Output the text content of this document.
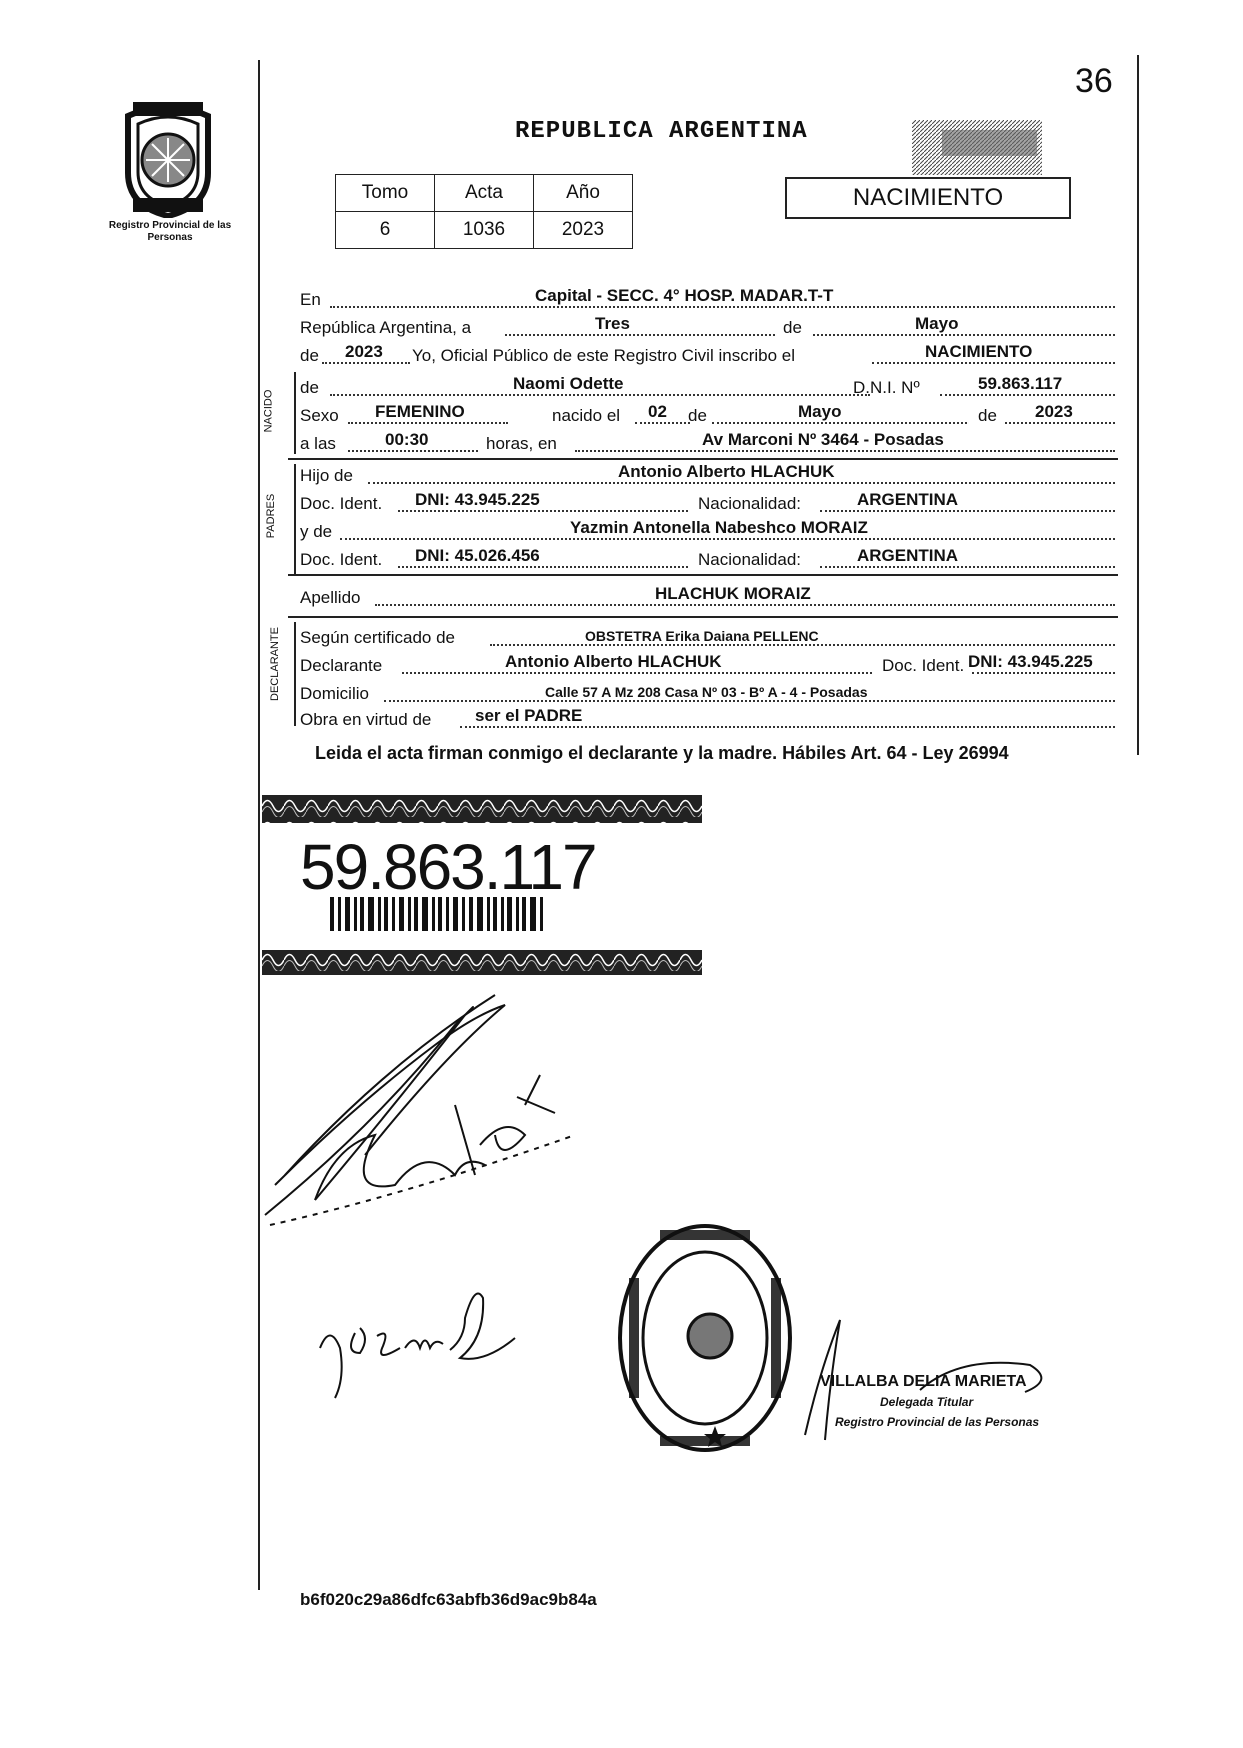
36
Registro Provincial de las Personas
REPUBLICA ARGENTINA
Tomo	Acta	Año
6	1036	2023
NACIMIENTO
En	Capital - SECC. 4° HOSP. MADAR.T-T
República Argentina, a	Tres	de	Mayo
de 2023 Yo, Oficial Público de este Registro Civil inscribo el	NACIMIENTO
NACIDO
de	Naomi Odette	D.N.I. Nº	59.863.117
Sexo FEMENINO	nacido el 02 de	Mayo	de 2023
a las	00:30	horas, en	Av Marconi Nº 3464 - Posadas
PADRES
Hijo de	Antonio Alberto HLACHUK
Doc. Ident. DNI: 43.945.225	Nacionalidad:	ARGENTINA
y de	Yazmin Antonella Nabeshco MORAIZ
Doc. Ident. DNI: 45.026.456	Nacionalidad:	ARGENTINA
Apellido	HLACHUK MORAIZ
DECLARANTE Según certificado de	OBSTETRA Erika Daiana PELLENC
Declarante	Antonio Alberto HLACHUK	Doc. Ident. DNI: 43.945.225
Domicilio	Calle 57 A Mz 208 Casa Nº 03 - Bº A - 4 - Posadas
Obra en virtud de	ser el PADRE
Leida el acta firman conmigo el declarante y la madre. Hábiles Art. 64 - Ley 26994
59.863.117
VILLALBA DELIA MARIETA
Delegada Titular
Registro Provincial de las Personas
b6f020c29a86dfc63abfb36d9ac9b84a
